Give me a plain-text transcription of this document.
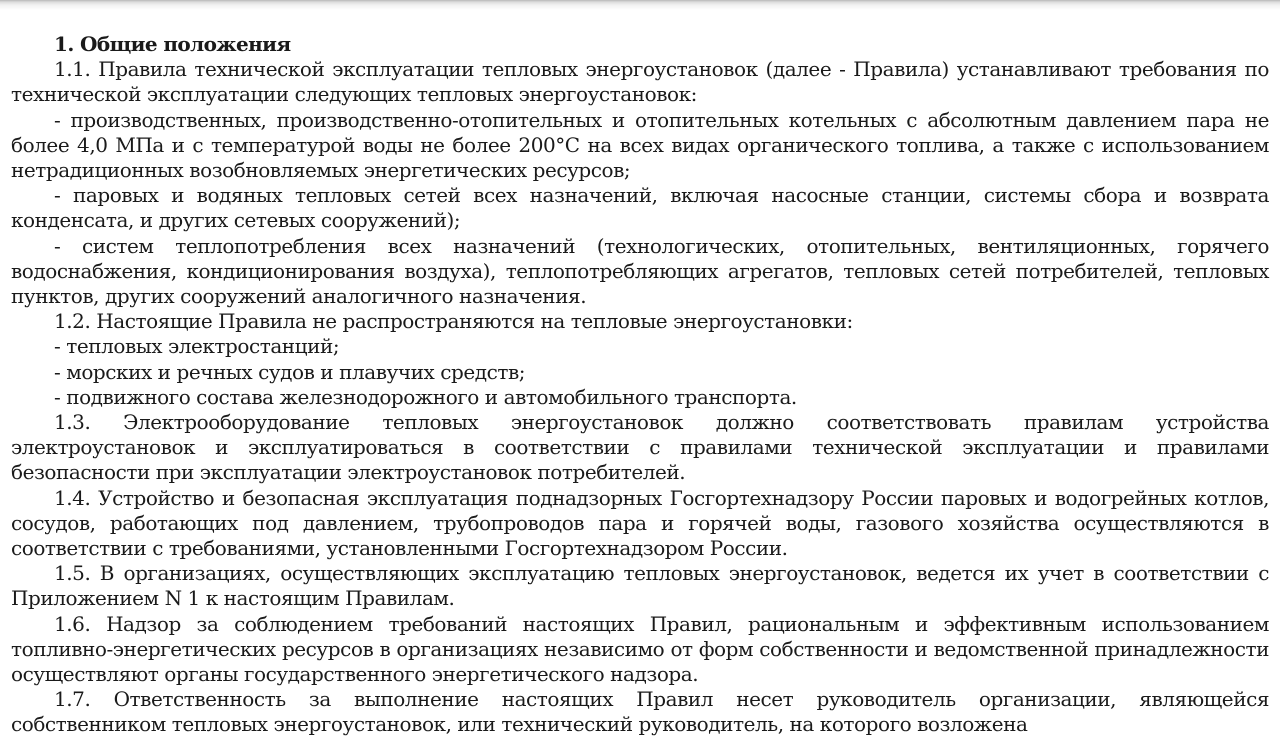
1. Общие положения

1.1. Правила технической эксплуатации тепловых энергоустановок (далее - Правила) устанавливают требования по технической эксплуатации следующих тепловых энергоустановок:

- производственных, производственно-отопительных и отопительных котельных с абсолютным давлением пара не более 4,0 МПа и с температурой воды не более 200°С на всех видах органического топлива, а также с использованием нетрадиционных возобновляемых энергетических ресурсов;

- паровых и водяных тепловых сетей всех назначений, включая насосные станции, системы сбора и возврата конденсата, и других сетевых сооружений);

- систем теплопотребления всех назначений (технологических, отопительных, вентиляционных, горячего водоснабжения, кондиционирования воздуха), теплопотребляющих агрегатов, тепловых сетей потребителей, тепловых пунктов, других сооружений аналогичного назначения.

1.2. Настоящие Правила не распространяются на тепловые энергоустановки:

- тепловых электростанций;

- морских и речных судов и плавучих средств;

- подвижного состава железнодорожного и автомобильного транспорта.

1.3. Электрооборудование тепловых энергоустановок должно соответствовать правилам устройства электроустановок и эксплуатироваться в соответствии с правилами технической эксплуатации и правилами безопасности при эксплуатации электроустановок потребителей.

1.4. Устройство и безопасная эксплуатация поднадзорных Госгортехнадзору России паровых и водогрейных котлов, сосудов, работающих под давлением, трубопроводов пара и горячей воды, газового хозяйства осуществляются в соответствии с требованиями, установленными Госгортехнадзором России.

1.5. В организациях, осуществляющих эксплуатацию тепловых энергоустановок, ведется их учет в соответствии с Приложением N 1 к настоящим Правилам.

1.6. Надзор за соблюдением требований настоящих Правил, рациональным и эффективным использованием топливно-энергетических ресурсов в организациях независимо от форм собственности и ведомственной принадлежности осуществляют органы государственного энергетического надзора.

1.7. Ответственность за выполнение настоящих Правил несет руководитель организации, являющейся собственником тепловых энергоустановок, или технический руководитель, на которого возложена
